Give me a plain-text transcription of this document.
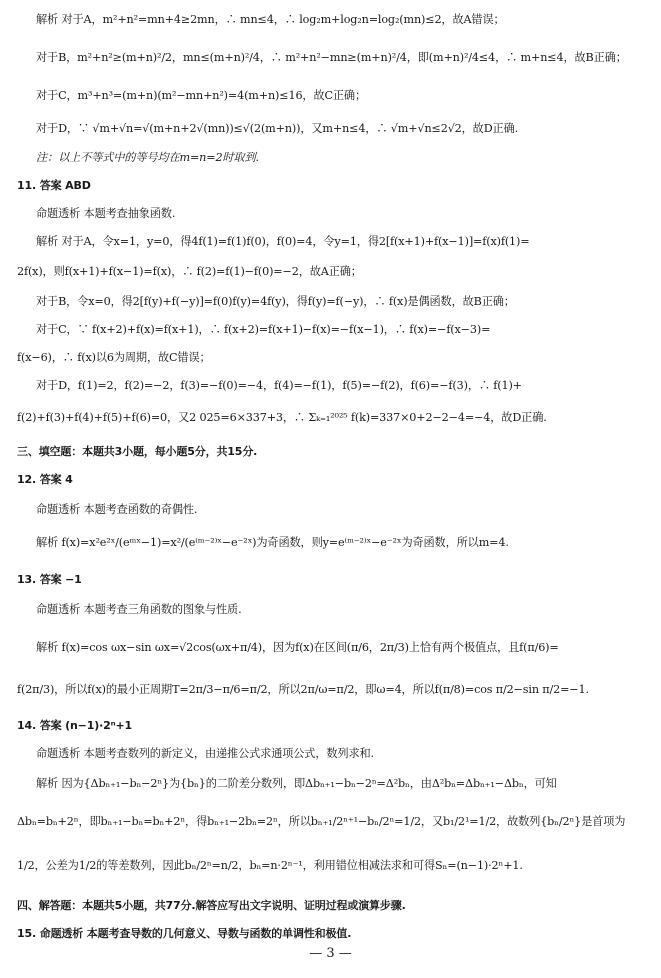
解析 对于A，m²+n²=mn+4≥2mn，∴ mn≤4，∴ log₂m+log₂n=log₂(mn)≤2，故A错误；
对于B，m²+n²≥(m+n)²/2，mn≤(m+n)²/4，∴ m²+n²−mn≥(m+n)²/4，即(m+n)²/4≤4，∴ m+n≤4，故B正确；
对于C，m³+n³=(m+n)(m²−mn+n²)=4(m+n)≤16，故C正确；
对于D，∵ √m+√n=√(m+n+2√(mn))≤√(2(m+n))，又m+n≤4，∴ √m+√n≤2√2，故D正确.
注：以上不等式中的等号均在m=n=2时取到.
11. 答案 ABD
命题透析 本题考查抽象函数.
解析 对于A，令x=1，y=0，得4f(1)=f(1)f(0)，f(0)=4，令y=1，得2[f(x+1)+f(x−1)]=f(x)f(1)=
2f(x)，则f(x+1)+f(x−1)=f(x)，∴ f(2)=f(1)−f(0)=−2，故A正确；
对于B，令x=0，得2[f(y)+f(−y)]=f(0)f(y)=4f(y)，得f(y)=f(−y)，∴ f(x)是偶函数，故B正确；
对于C，∵ f(x+2)+f(x)=f(x+1)，∴ f(x+2)=f(x+1)−f(x)=−f(x−1)，∴ f(x)=−f(x−3)=
f(x−6)，∴ f(x)以6为周期，故C错误；
对于D，f(1)=2，f(2)=−2，f(3)=−f(0)=−4，f(4)=−f(1)，f(5)=−f(2)，f(6)=−f(3)，∴ f(1)+
f(2)+f(3)+f(4)+f(5)+f(6)=0，又2 025=6×337+3，∴ Σₖ₌₁²⁰²⁵ f(k)=337×0+2−2−4=−4，故D正确.
三、填空题：本题共3小题，每小题5分，共15分.
12. 答案 4
命题透析 本题考查函数的奇偶性.
解析 f(x)=x²e²ˣ/(eᵐˣ−1)=x²/(e⁽ᵐ⁻²⁾ˣ−e⁻²ˣ)为奇函数，则y=e⁽ᵐ⁻²⁾ˣ−e⁻²ˣ为奇函数，所以m=4.
13. 答案 −1
命题透析 本题考查三角函数的图象与性质.
解析 f(x)=cos ωx−sin ωx=√2cos(ωx+π/4)，因为f(x)在区间(π/6，2π/3)上恰有两个极值点，且f(π/6)=
f(2π/3)，所以f(x)的最小正周期T=2π/3−π/6=π/2，所以2π/ω=π/2，即ω=4，所以f(π/8)=cos π/2−sin π/2=−1.
14. 答案 (n−1)·2ⁿ+1
命题透析 本题考查数列的新定义，由递推公式求通项公式，数列求和.
解析 因为{Δbₙ₊₁−bₙ−2ⁿ}为{bₙ}的二阶差分数列，即Δbₙ₊₁−bₙ−2ⁿ=Δ²bₙ，由Δ²bₙ=Δbₙ₊₁−Δbₙ，可知
Δbₙ=bₙ+2ⁿ，即bₙ₊₁−bₙ=bₙ+2ⁿ，得bₙ₊₁−2bₙ=2ⁿ，所以bₙ₊₁/2ⁿ⁺¹−bₙ/2ⁿ=1/2，又b₁/2¹=1/2，故数列{bₙ/2ⁿ}是首项为
1/2，公差为1/2的等差数列，因此bₙ/2ⁿ=n/2，bₙ=n·2ⁿ⁻¹，利用错位相减法求和可得Sₙ=(n−1)·2ⁿ+1.
四、解答题：本题共5小题，共77分.解答应写出文字说明、证明过程或演算步骤.
15. 命题透析 本题考查导数的几何意义、导数与函数的单调性和极值.
— 3 —
